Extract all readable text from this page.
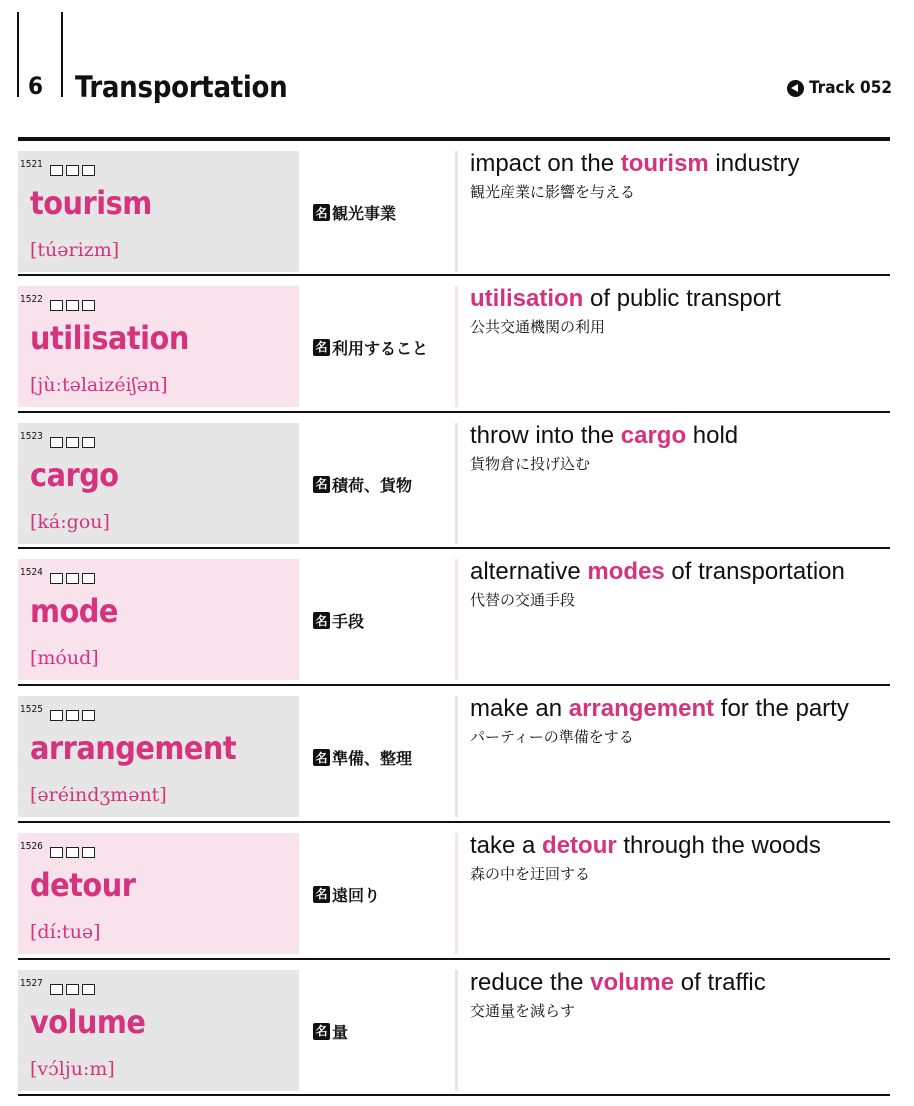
6 Transportation	Track 052
1521
tourism
[túərizm]
名 観光事業
impact on the tourism industry
観光産業に影響を与える
1522
utilisation
[jùːtəlaizéiʃən]
名 利用すること
utilisation of public transport
公共交通機関の利用
1523
cargo
[ká:gou]
名 積荷、貨物
throw into the cargo hold
貨物倉に投げ込む
1524
mode
[móud]
名 手段
alternative modes of transportation
代替の交通手段
1525
arrangement
[əréindʒmənt]
名 準備、整理
make an arrangement for the party
パーティーの準備をする
1526
detour
[dí:tuə]
名 遠回り
take a detour through the woods
森の中を迂回する
1527
volume
[vɔ́lju:m]
名 量
reduce the volume of traffic
交通量を減らす
